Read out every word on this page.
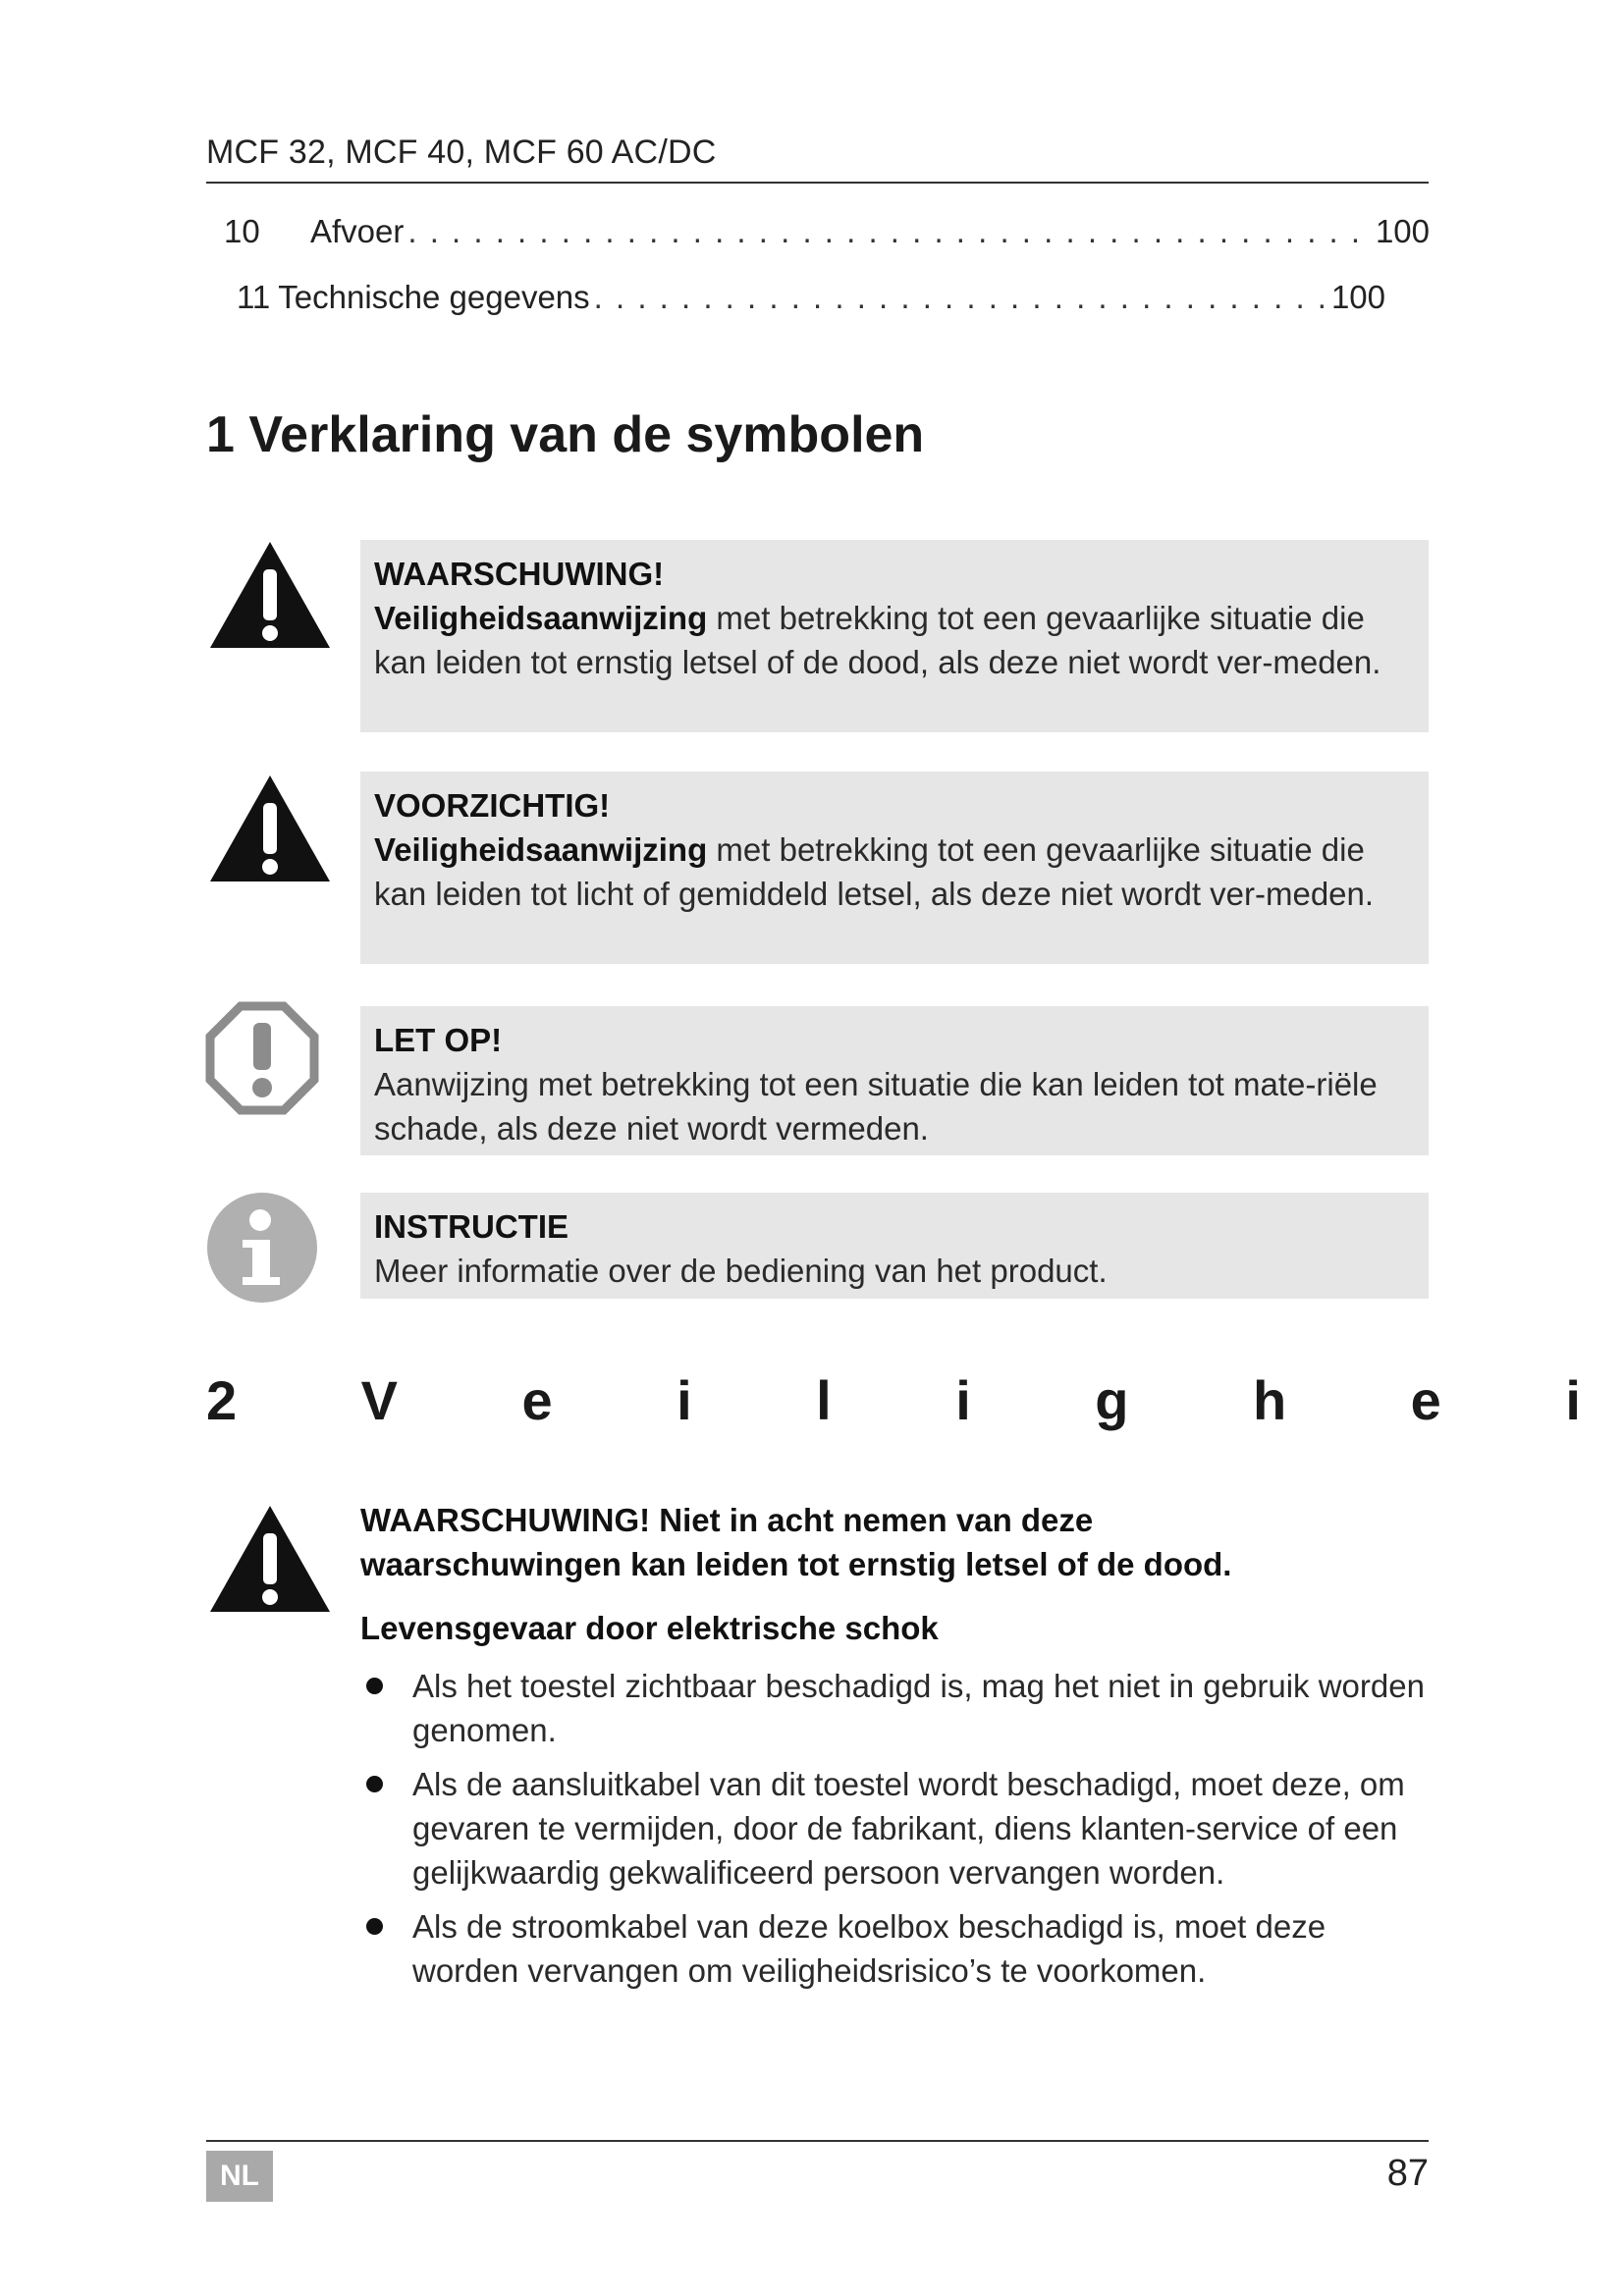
MCF 32, MCF 40, MCF 60 AC/DC
10	Afvoer . . .	100
11 Technische gegevens . . .	100
1 Verklaring van de symbolen
WAARSCHUWING!
Veiligheidsaanwijzing met betrekking tot een gevaarlijke situatie die kan leiden tot ernstig letsel of de dood, als deze niet wordt ver-meden.
VOORZICHTIG!
Veiligheidsaanwijzing met betrekking tot een gevaarlijke situatie die kan leiden tot licht of gemiddeld letsel, als deze niet wordt ver-meden.
LET OP!
Aanwijzing met betrekking tot een situatie die kan leiden tot mate-riële schade, als deze niet wordt vermeden.
INSTRUCTIE
Meer informatie over de bediening van het product.
2 V e i l i g h e i
WAARSCHUWING! Niet in acht nemen van deze waarschuwingen kan leiden tot ernstig letsel of de dood.
Levensgevaar door elektrische schok
Als het toestel zichtbaar beschadigd is, mag het niet in gebruik worden genomen.
Als de aansluitkabel van dit toestel wordt beschadigd, moet deze, om gevaren te vermijden, door de fabrikant, diens klanten-service of een gelijkwaardig gekwalificeerd persoon vervangen worden.
Als de stroomkabel van deze koelbox beschadigd is, moet deze worden vervangen om veiligheidsrisico’s te voorkomen.
NL	87
